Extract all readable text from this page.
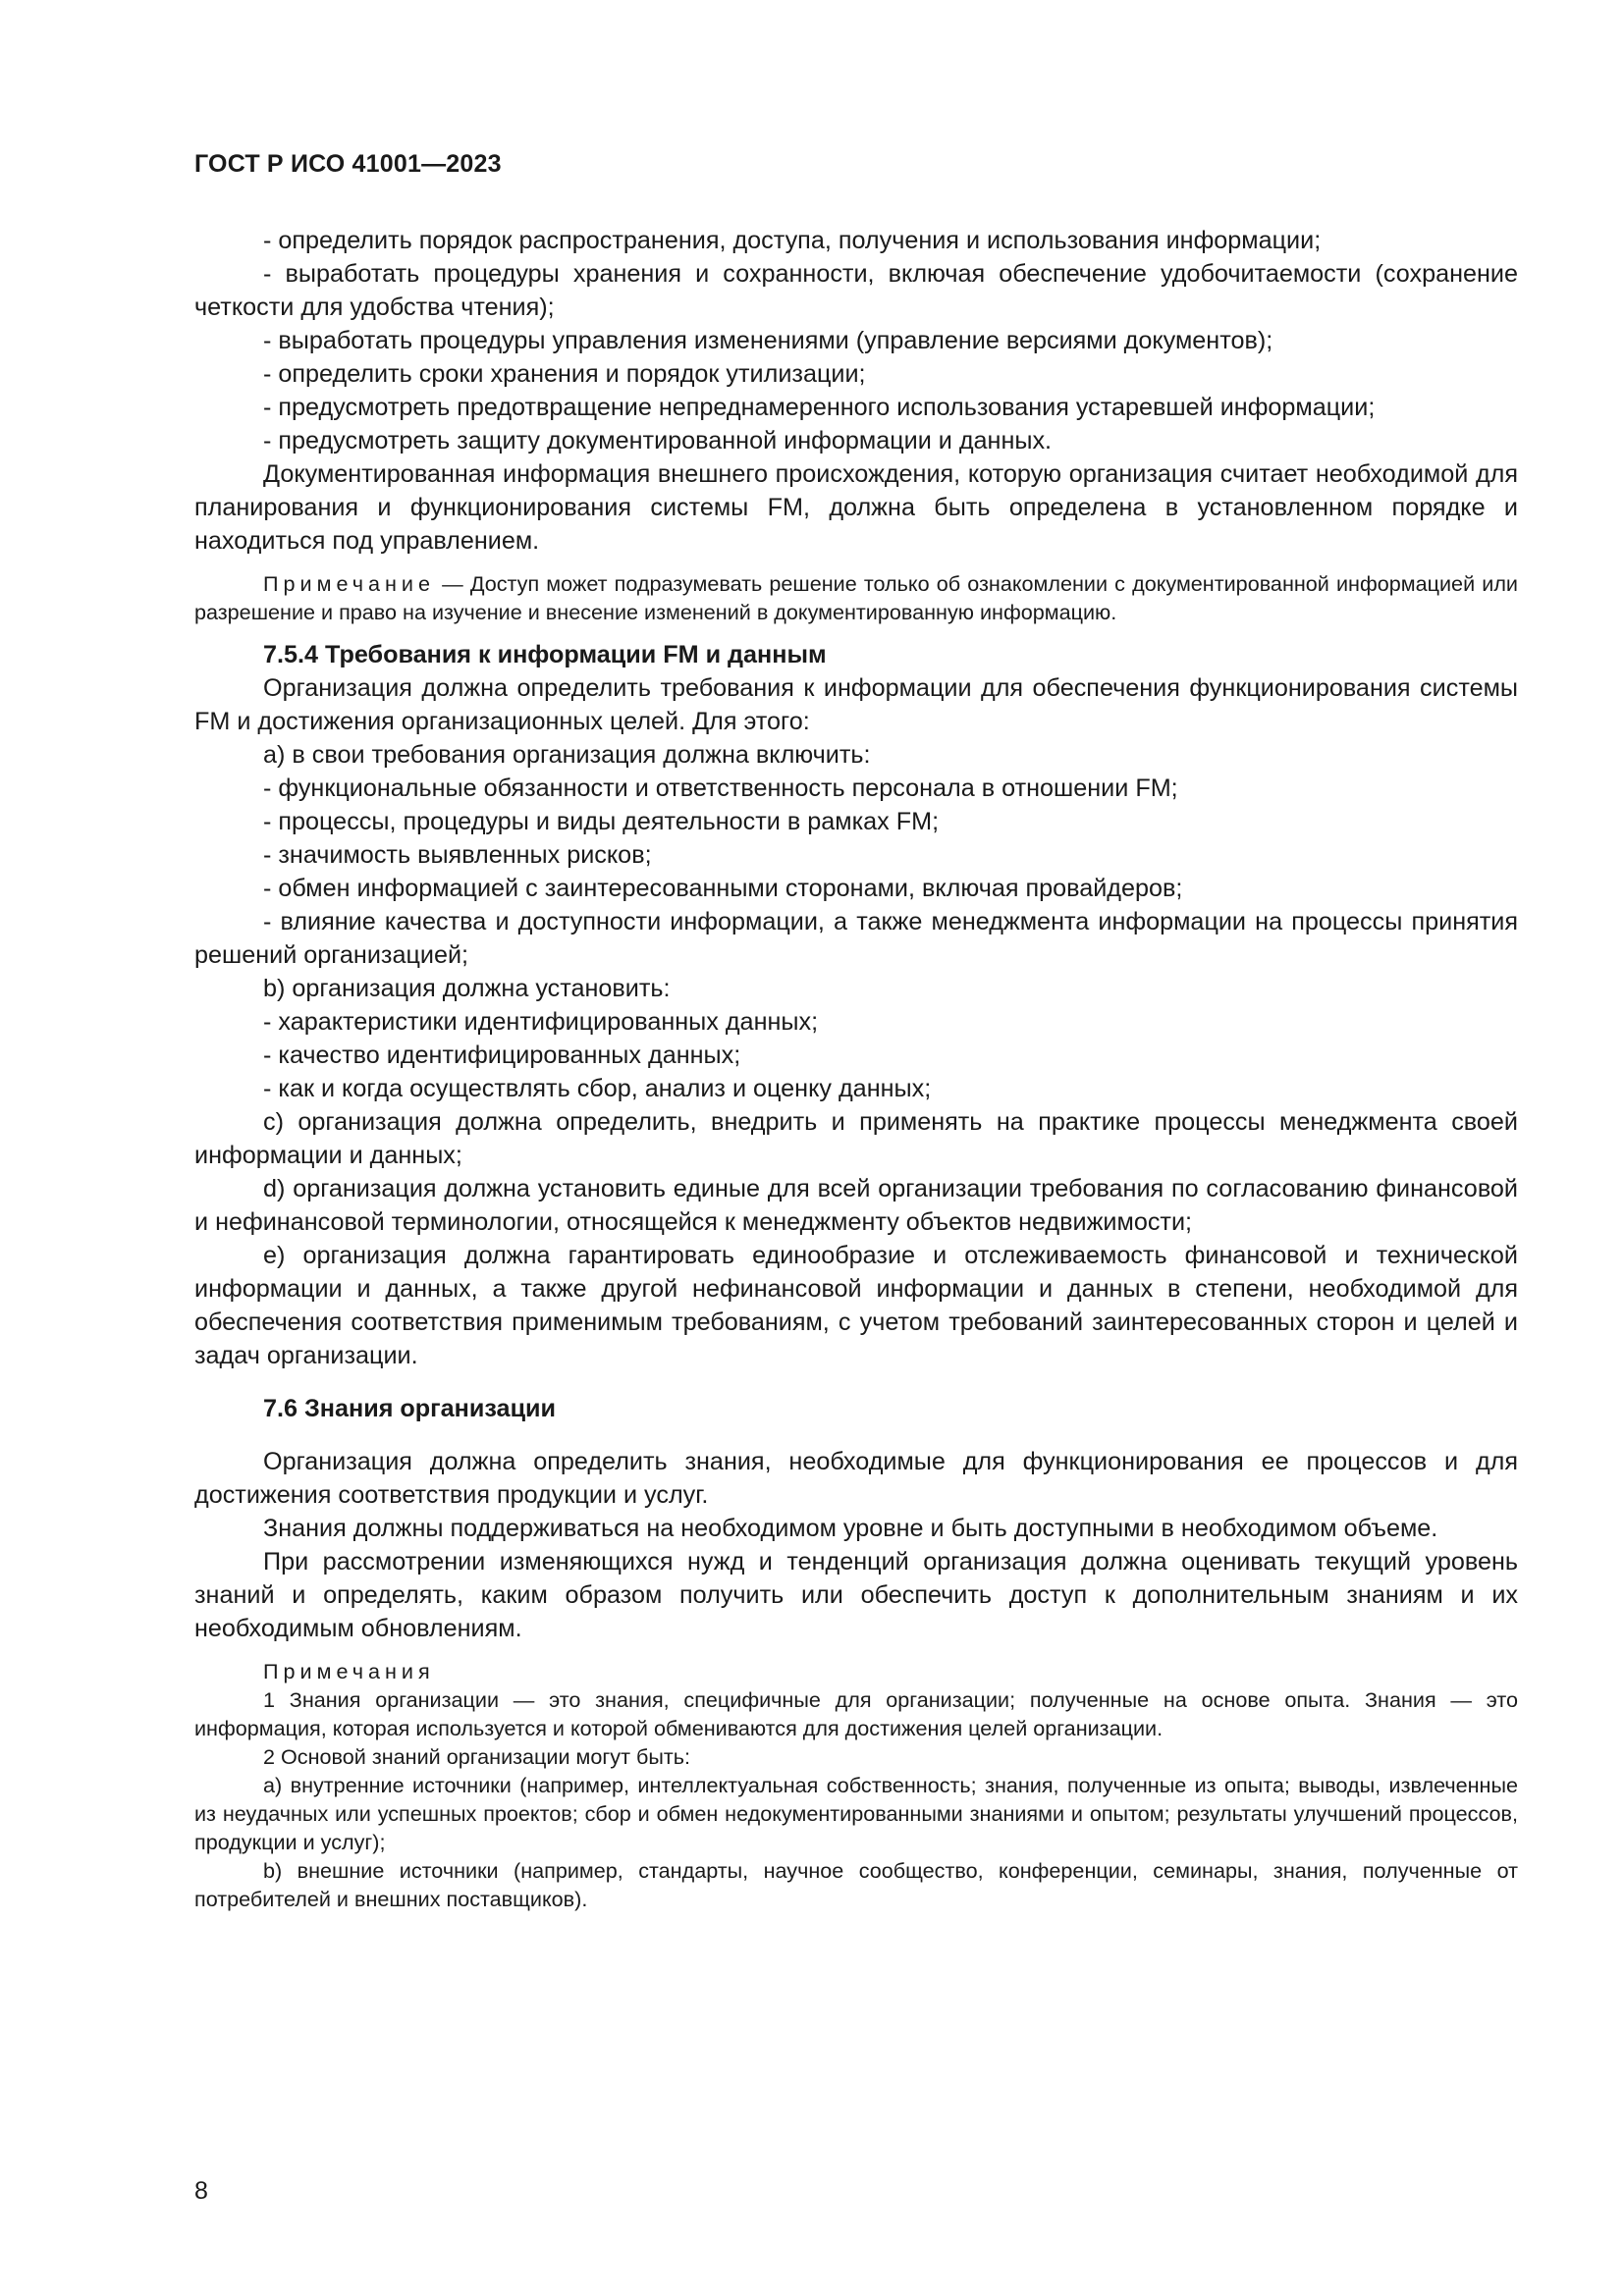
ГОСТ Р ИСО 41001—2023

- определить порядок распространения, доступа, получения и использования информации;

- выработать процедуры хранения и сохранности, включая обеспечение удобочитаемости (сохранение четкости для удобства чтения);

- выработать процедуры управления изменениями (управление версиями документов);

- определить сроки хранения и порядок утилизации;

- предусмотреть предотвращение непреднамеренного использования устаревшей информации;

- предусмотреть защиту документированной информации и данных.

Документированная информация внешнего происхождения, которую организация считает необходимой для планирования и функционирования системы FM, должна быть определена в установленном порядке и находиться под управлением.

Примечание — Доступ может подразумевать решение только об ознакомлении с документированной информацией или разрешение и право на изучение и внесение изменений в документированную информацию.

7.5.4 Требования к информации FM и данным

Организация должна определить требования к информации для обеспечения функционирования системы FM и достижения организационных целей. Для этого:

а) в свои требования организация должна включить:

- функциональные обязанности и ответственность персонала в отношении FM;

- процессы, процедуры и виды деятельности в рамках FM;

- значимость выявленных рисков;

- обмен информацией с заинтересованными сторонами, включая провайдеров;

- влияние качества и доступности информации, а также менеджмента информации на процессы принятия решений организацией;

b) организация должна установить:

- характеристики идентифицированных данных;

- качество идентифицированных данных;

- как и когда осуществлять сбор, анализ и оценку данных;

c) организация должна определить, внедрить и применять на практике процессы менеджмента своей информации и данных;

d) организация должна установить единые для всей организации требования по согласованию финансовой и нефинансовой терминологии, относящейся к менеджменту объектов недвижимости;

e) организация должна гарантировать единообразие и отслеживаемость финансовой и технической информации и данных, а также другой нефинансовой информации и данных в степени, необходимой для обеспечения соответствия применимым требованиям, с учетом требований заинтересованных сторон и целей и задач организации.

7.6 Знания организации

Организация должна определить знания, необходимые для функционирования ее процессов и для достижения соответствия продукции и услуг.

Знания должны поддерживаться на необходимом уровне и быть доступными в необходимом объеме.

При рассмотрении изменяющихся нужд и тенденций организация должна оценивать текущий уровень знаний и определять, каким образом получить или обеспечить доступ к дополнительным знаниям и их необходимым обновлениям.

Примечания

1 Знания организации — это знания, специфичные для организации; полученные на основе опыта. Знания — это информация, которая используется и которой обмениваются для достижения целей организации.

2 Основой знаний организации могут быть:

а) внутренние источники (например, интеллектуальная собственность; знания, полученные из опыта; выводы, извлеченные из неудачных или успешных проектов; сбор и обмен недокументированными знаниями и опытом; результаты улучшений процессов, продукции и услуг);

b) внешние источники (например, стандарты, научное сообщество, конференции, семинары, знания, полученные от потребителей и внешних поставщиков).

8
